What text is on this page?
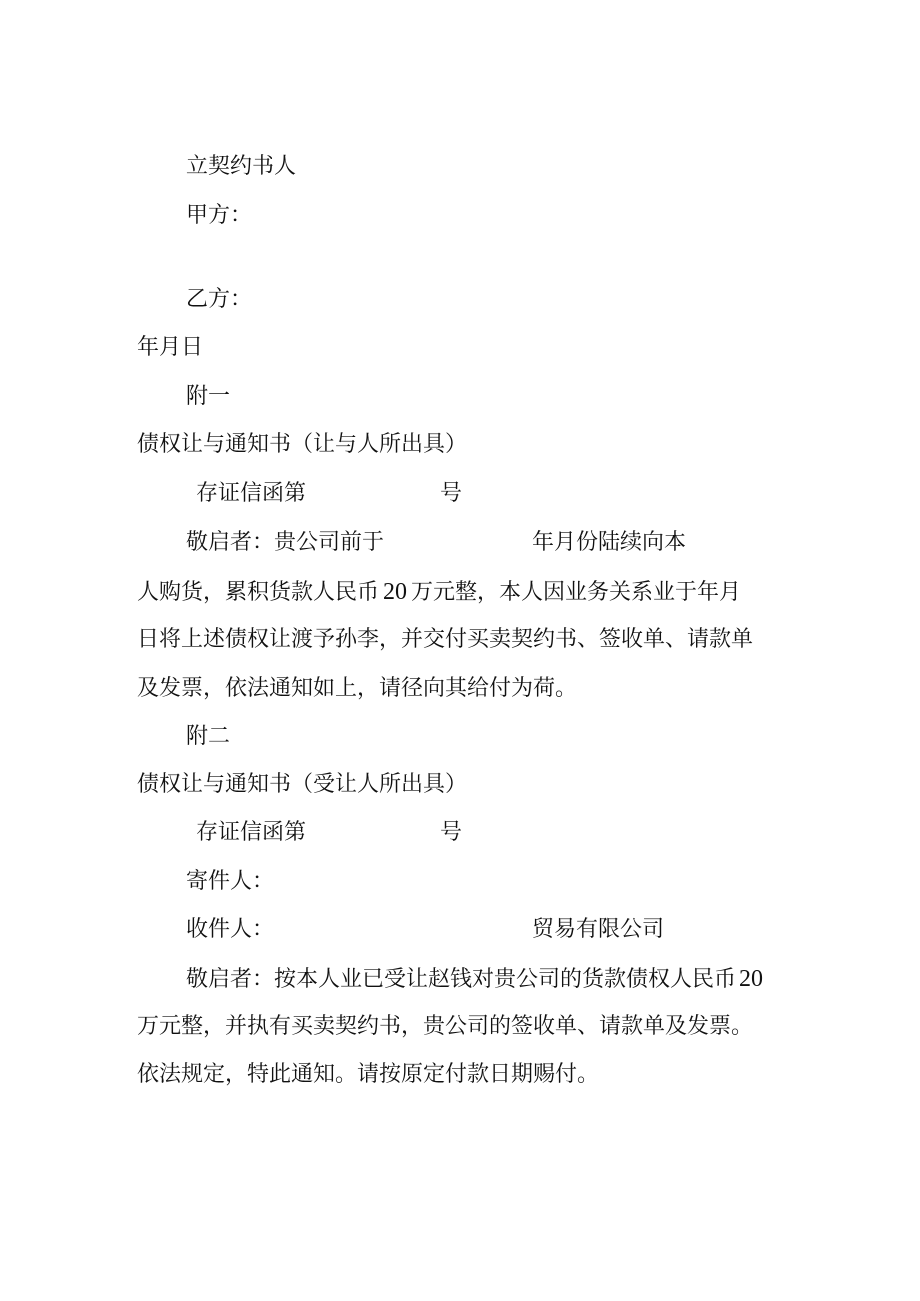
立契约书人
甲方：
乙方：
年月日
附一
债权让与通知书（让与人所出具）
存证信函第	号
敬启者：贵公司前于	年月份陆续向本
人购货，累积货款人民币 20 万元整，本人因业务关系业于年月
日将上述债权让渡予孙李，并交付买卖契约书、签收单、请款单
及发票，依法通知如上，请径向其给付为荷。
附二
债权让与通知书（受让人所出具）
存证信函第	号
寄件人：
收件人：	贸易有限公司
敬启者：按本人业已受让赵钱对贵公司的货款债权人民币 20
万元整，并执有买卖契约书，贵公司的签收单、请款单及发票。
依法规定，特此通知。请按原定付款日期赐付。
